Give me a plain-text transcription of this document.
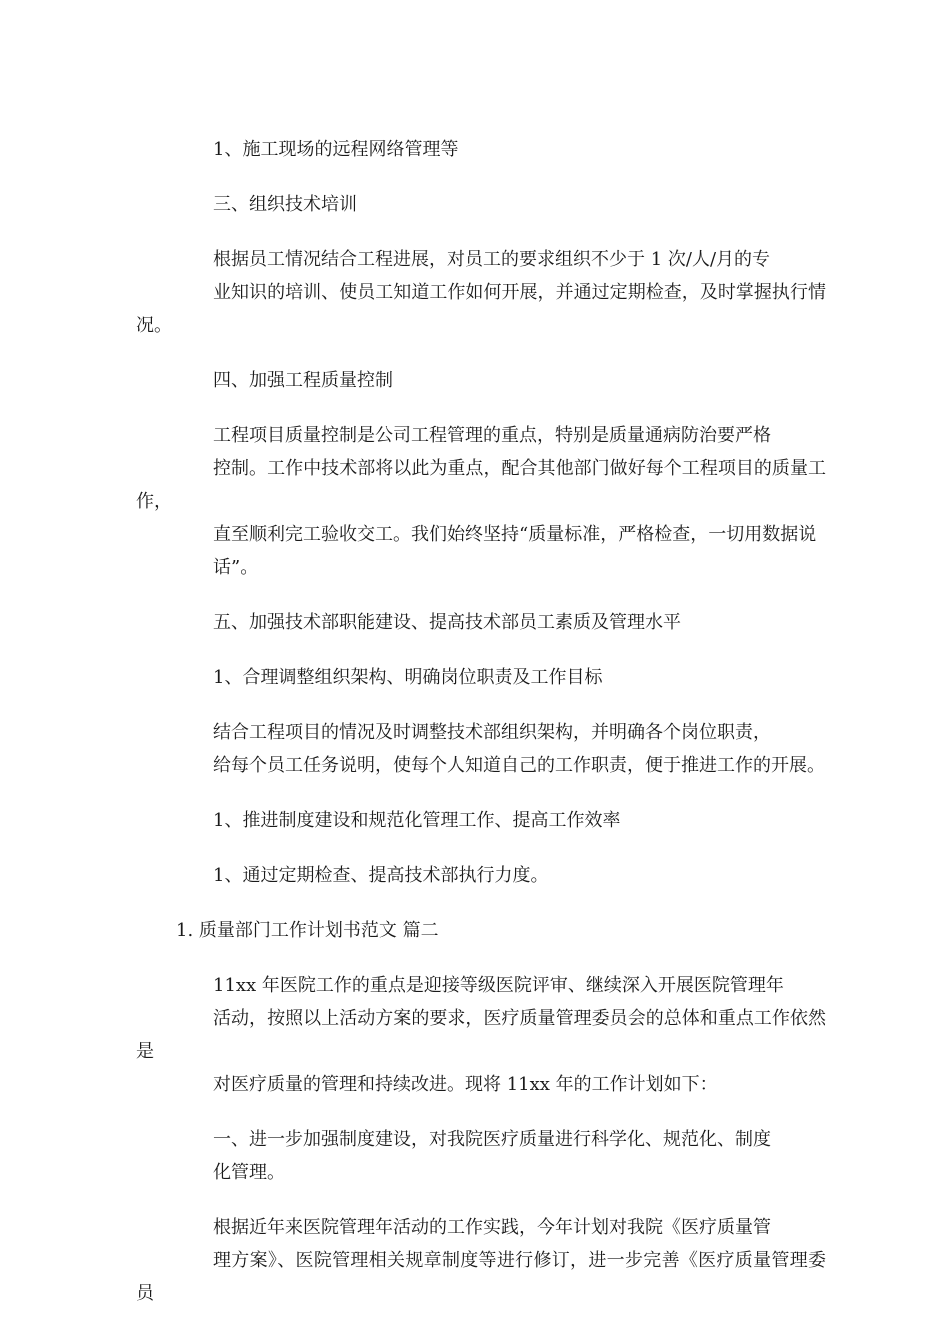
1、施工现场的远程网络管理等

三、组织技术培训

根据员工情况结合工程进展，对员工的要求组织不少于 1 次/人/月的专
业知识的培训、使员工知道工作如何开展，并通过定期检查，及时掌握执行情况。

四、加强工程质量控制

工程项目质量控制是公司工程管理的重点，特别是质量通病防治要严格
控制。工作中技术部将以此为重点，配合其他部门做好每个工程项目的质量工作，
直至顺利完工验收交工。我们始终坚持“质量标准，严格检查，一切用数据说
话”。

五、加强技术部职能建设、提高技术部员工素质及管理水平

1、合理调整组织架构、明确岗位职责及工作目标

结合工程项目的情况及时调整技术部组织架构，并明确各个岗位职责，
给每个员工任务说明，使每个人知道自己的工作职责，便于推进工作的开展。

1、推进制度建设和规范化管理工作、提高工作效率

1、通过定期检查、提高技术部执行力度。

1. 质量部门工作计划书范文 篇二

11xx 年医院工作的重点是迎接等级医院评审、继续深入开展医院管理年
活动，按照以上活动方案的要求，医疗质量管理委员会的总体和重点工作依然是
对医疗质量的管理和持续改进。现将 11xx 年的工作计划如下：

一、进一步加强制度建设，对我院医疗质量进行科学化、规范化、制度
化管理。

根据近年来医院管理年活动的工作实践，今年计划对我院《医疗质量管
理方案》、医院管理相关规章制度等进行修订，进一步完善《医疗质量管理委员
